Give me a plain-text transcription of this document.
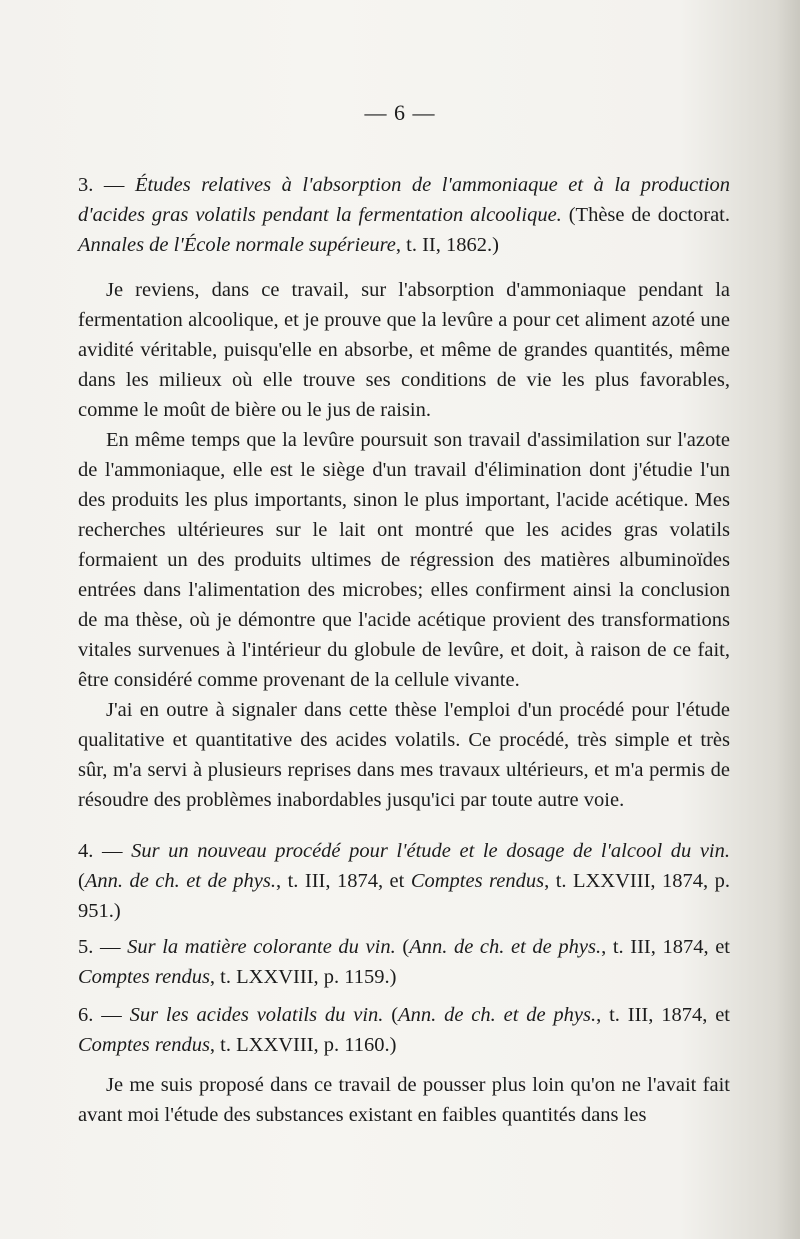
— 6 —
3. — Études relatives à l'absorption de l'ammoniaque et à la production d'acides gras volatils pendant la fermentation alcoolique. (Thèse de doctorat. Annales de l'École normale supérieure, t. II, 1862.)

Je reviens, dans ce travail, sur l'absorption d'ammoniaque pendant la fermentation alcoolique, et je prouve que la levûre a pour cet aliment azoté une avidité véritable, puisqu'elle en absorbe, et même de grandes quantités, même dans les milieux où elle trouve ses conditions de vie les plus favorables, comme le moût de bière ou le jus de raisin.

En même temps que la levûre poursuit son travail d'assimilation sur l'azote de l'ammoniaque, elle est le siège d'un travail d'élimination dont j'étudie l'un des produits les plus importants, sinon le plus important, l'acide acétique. Mes recherches ultérieures sur le lait ont montré que les acides gras volatils formaient un des produits ultimes de régression des matières albuminoïdes entrées dans l'alimentation des microbes; elles confirment ainsi la conclusion de ma thèse, où je démontre que l'acide acétique provient des transformations vitales survenues à l'intérieur du globule de levûre, et doit, à raison de ce fait, être considéré comme provenant de la cellule vivante.

J'ai en outre à signaler dans cette thèse l'emploi d'un procédé pour l'étude qualitative et quantitative des acides volatils. Ce procédé, très simple et très sûr, m'a servi à plusieurs reprises dans mes travaux ultérieurs, et m'a permis de résoudre des problèmes inabordables jusqu'ici par toute autre voie.

4. — Sur un nouveau procédé pour l'étude et le dosage de l'alcool du vin. (Ann. de ch. et de phys., t. III, 1874, et Comptes rendus, t. LXXVIII, 1874, p. 951.)
5. — Sur la matière colorante du vin. (Ann. de ch. et de phys., t. III, 1874, et Comptes rendus, t. LXXVIII, p. 1159.)
6. — Sur les acides volatils du vin. (Ann. de ch. et de phys., t. III, 1874, et Comptes rendus, t. LXXVIII, p. 1160.)

Je me suis proposé dans ce travail de pousser plus loin qu'on ne l'avait fait avant moi l'étude des substances existant en faibles quantités dans les
